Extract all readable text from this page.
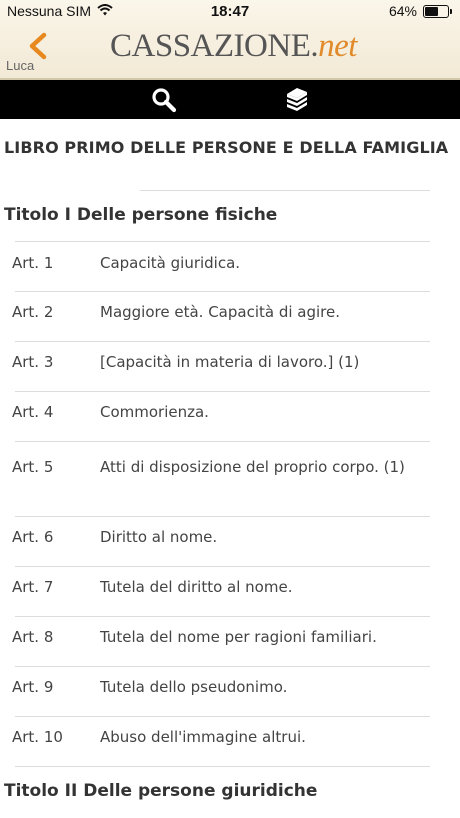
Nessuna SIM	18:47	64%
Luca
CASSAZIONE.net
LIBRO PRIMO DELLE PERSONE E DELLA FAMIGLIA
Titolo I Delle persone fisiche
Art. 1	Capacità giuridica.
Art. 2	Maggiore età. Capacità di agire.
Art. 3	[Capacità in materia di lavoro.] (1)
Art. 4	Commorienza.
Art. 5	Atti di disposizione del proprio corpo. (1)
Art. 6	Diritto al nome.
Art. 7	Tutela del diritto al nome.
Art. 8	Tutela del nome per ragioni familiari.
Art. 9	Tutela dello pseudonimo.
Art. 10 Abuso dell'immagine altrui.
Titolo II Delle persone giuridiche
